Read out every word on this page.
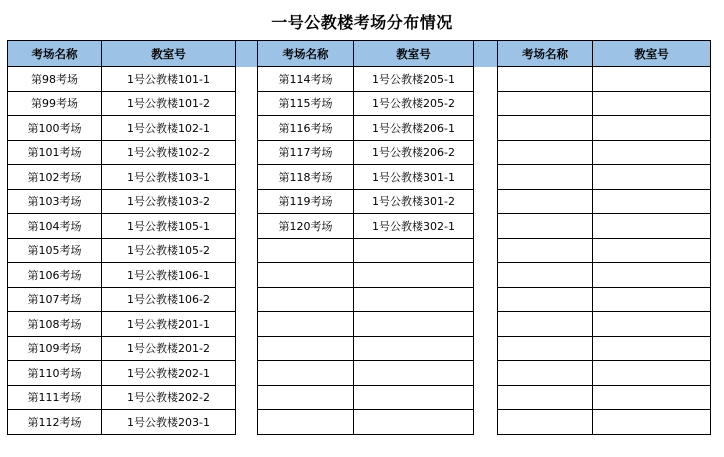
一号公教楼考场分布情况
考场名称	教室号		考场名称	教室号		考场名称	教室号
第98考场	1号公教楼101-1		第114考场	1号公教楼205-1			
第99考场	1号公教楼101-2		第115考场	1号公教楼205-2			
第100考场	1号公教楼102-1		第116考场	1号公教楼206-1			
第101考场	1号公教楼102-2		第117考场	1号公教楼206-2			
第102考场	1号公教楼103-1		第118考场	1号公教楼301-1			
第103考场	1号公教楼103-2		第119考场	1号公教楼301-2			
第104考场	1号公教楼105-1		第120考场	1号公教楼302-1			
第105考场	1号公教楼105-2						
第106考场	1号公教楼106-1						
第107考场	1号公教楼106-2						
第108考场	1号公教楼201-1						
第109考场	1号公教楼201-2						
第110考场	1号公教楼202-1						
第111考场	1号公教楼202-2						
第112考场	1号公教楼203-1						
